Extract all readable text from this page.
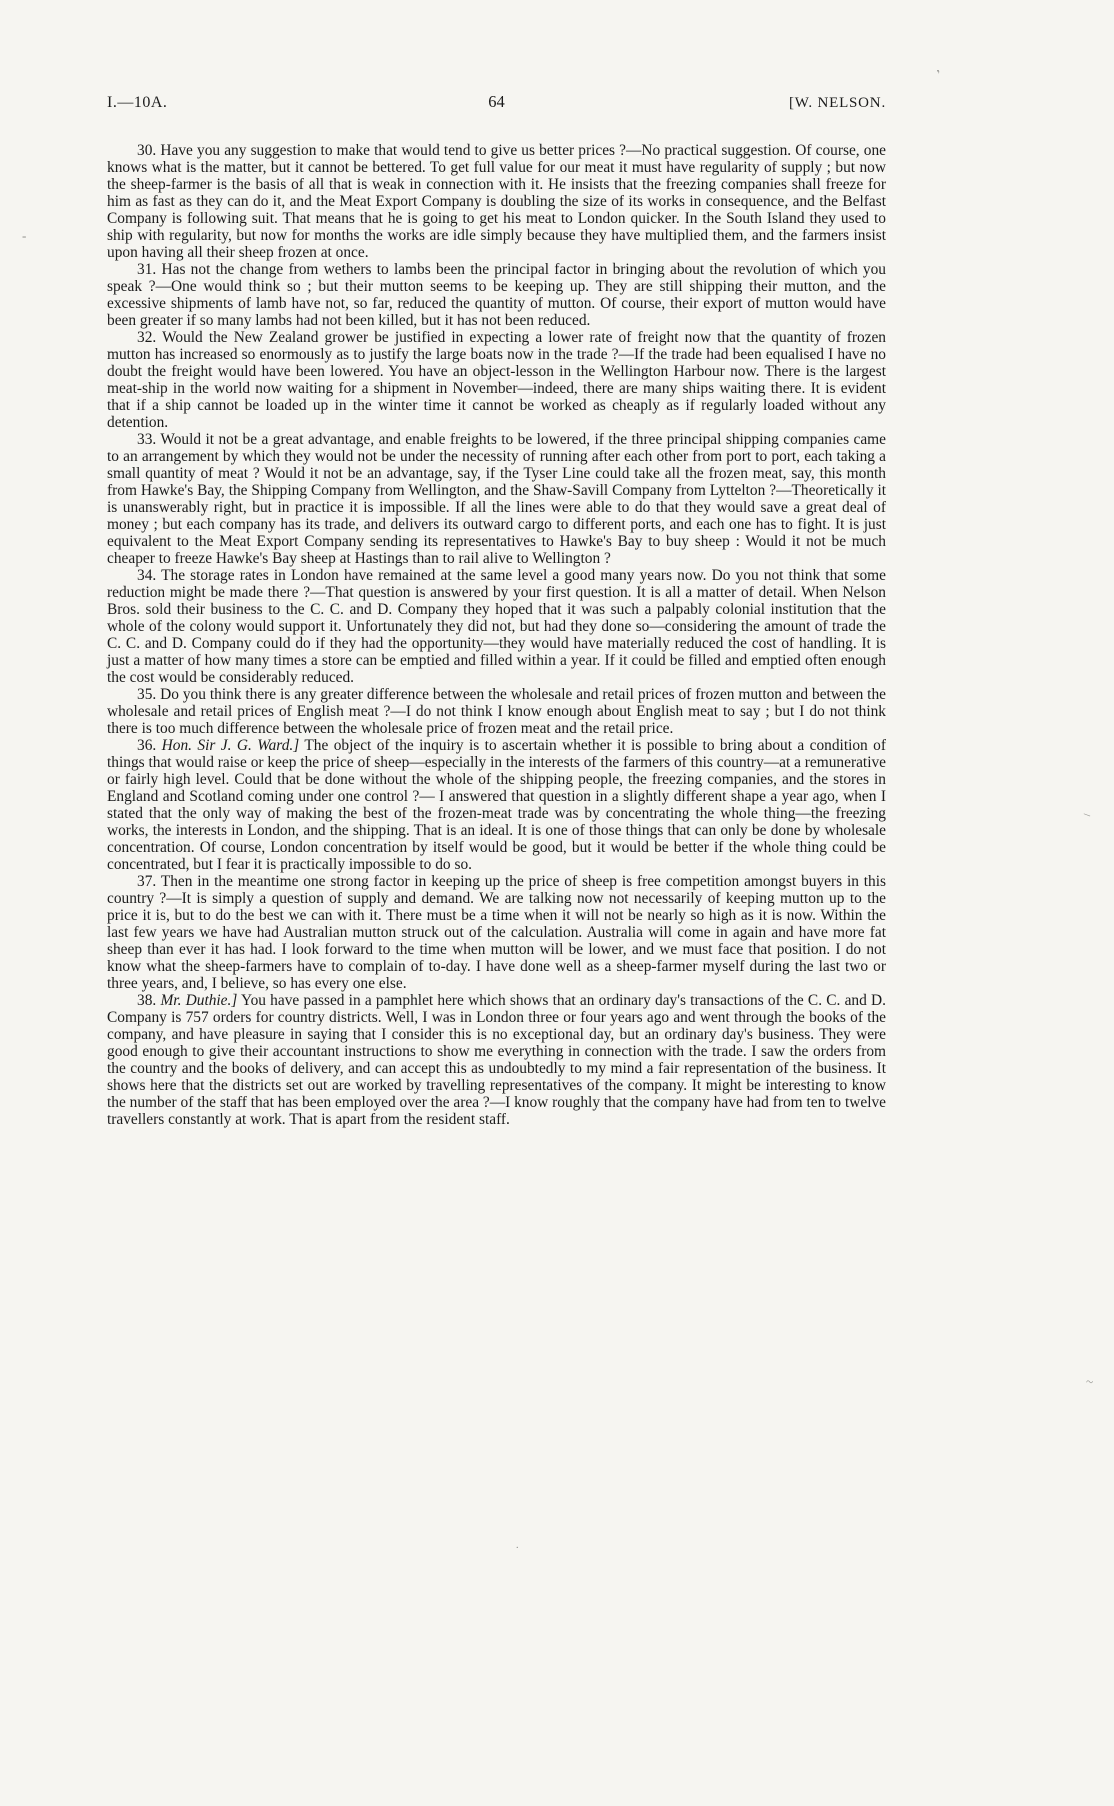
’
-
–
~
.
I.—10A.	64	[W. NELSON.

30. Have you any suggestion to make that would tend to give us better prices ?—No practical suggestion. Of course, one knows what is the matter, but it cannot be bettered. To get full value for our meat it must have regularity of supply ; but now the sheep-farmer is the basis of all that is weak in connection with it. He insists that the freezing companies shall freeze for him as fast as they can do it, and the Meat Export Company is doubling the size of its works in consequence, and the Belfast Company is following suit. That means that he is going to get his meat to London quicker. In the South Island they used to ship with regularity, but now for months the works are idle simply because they have multiplied them, and the farmers insist upon having all their sheep frozen at once.

31. Has not the change from wethers to lambs been the principal factor in bringing about the revolution of which you speak ?—One would think so ; but their mutton seems to be keeping up. They are still shipping their mutton, and the excessive shipments of lamb have not, so far, reduced the quantity of mutton. Of course, their export of mutton would have been greater if so many lambs had not been killed, but it has not been reduced.

32. Would the New Zealand grower be justified in expecting a lower rate of freight now that the quantity of frozen mutton has increased so enormously as to justify the large boats now in the trade ?—If the trade had been equalised I have no doubt the freight would have been lowered. You have an object-lesson in the Wellington Harbour now. There is the largest meat-ship in the world now waiting for a shipment in November—indeed, there are many ships waiting there. It is evident that if a ship cannot be loaded up in the winter time it cannot be worked as cheaply as if regularly loaded without any detention.

33. Would it not be a great advantage, and enable freights to be lowered, if the three principal shipping companies came to an arrangement by which they would not be under the necessity of running after each other from port to port, each taking a small quantity of meat ? Would it not be an advantage, say, if the Tyser Line could take all the frozen meat, say, this month from Hawke's Bay, the Shipping Company from Wellington, and the Shaw-Savill Company from Lyttelton ?—Theoretically it is unanswerably right, but in practice it is impossible. If all the lines were able to do that they would save a great deal of money ; but each company has its trade, and delivers its outward cargo to different ports, and each one has to fight. It is just equivalent to the Meat Export Company sending its representatives to Hawke's Bay to buy sheep : Would it not be much cheaper to freeze Hawke's Bay sheep at Hastings than to rail alive to Wellington ?

34. The storage rates in London have remained at the same level a good many years now. Do you not think that some reduction might be made there ?—That question is answered by your first question. It is all a matter of detail. When Nelson Bros. sold their business to the C. C. and D. Company they hoped that it was such a palpably colonial institution that the whole of the colony would support it. Unfortunately they did not, but had they done so—considering the amount of trade the C. C. and D. Company could do if they had the opportunity—they would have materially reduced the cost of handling. It is just a matter of how many times a store can be emptied and filled within a year. If it could be filled and emptied often enough the cost would be considerably reduced.

35. Do you think there is any greater difference between the wholesale and retail prices of frozen mutton and between the wholesale and retail prices of English meat ?—I do not think I know enough about English meat to say ; but I do not think there is too much difference between the wholesale price of frozen meat and the retail price.

36. Hon. Sir J. G. Ward.] The object of the inquiry is to ascertain whether it is possible to bring about a condition of things that would raise or keep the price of sheep—especially in the interests of the farmers of this country—at a remunerative or fairly high level. Could that be done without the whole of the shipping people, the freezing companies, and the stores in England and Scotland coming under one control ?— I answered that question in a slightly different shape a year ago, when I stated that the only way of making the best of the frozen-meat trade was by concentrating the whole thing—the freezing works, the interests in London, and the shipping. That is an ideal. It is one of those things that can only be done by wholesale concentration. Of course, London concentration by itself would be good, but it would be better if the whole thing could be concentrated, but I fear it is practically impossible to do so.

37. Then in the meantime one strong factor in keeping up the price of sheep is free competition amongst buyers in this country ?—It is simply a question of supply and demand. We are talking now not necessarily of keeping mutton up to the price it is, but to do the best we can with it. There must be a time when it will not be nearly so high as it is now. Within the last few years we have had Australian mutton struck out of the calculation. Australia will come in again and have more fat sheep than ever it has had. I look forward to the time when mutton will be lower, and we must face that position. I do not know what the sheep-farmers have to complain of to-day. I have done well as a sheep-farmer myself during the last two or three years, and, I believe, so has every one else.

38. Mr. Duthie.] You have passed in a pamphlet here which shows that an ordinary day's transactions of the C. C. and D. Company is 757 orders for country districts. Well, I was in London three or four years ago and went through the books of the company, and have pleasure in saying that I consider this is no exceptional day, but an ordinary day's business. They were good enough to give their accountant instructions to show me everything in connection with the trade. I saw the orders from the country and the books of delivery, and can accept this as undoubtedly to my mind a fair representation of the business. It shows here that the districts set out are worked by travelling representatives of the company. It might be interesting to know the number of the staff that has been employed over the area ?—I know roughly that the company have had from ten to twelve travellers constantly at work. That is apart from the resident staff.
